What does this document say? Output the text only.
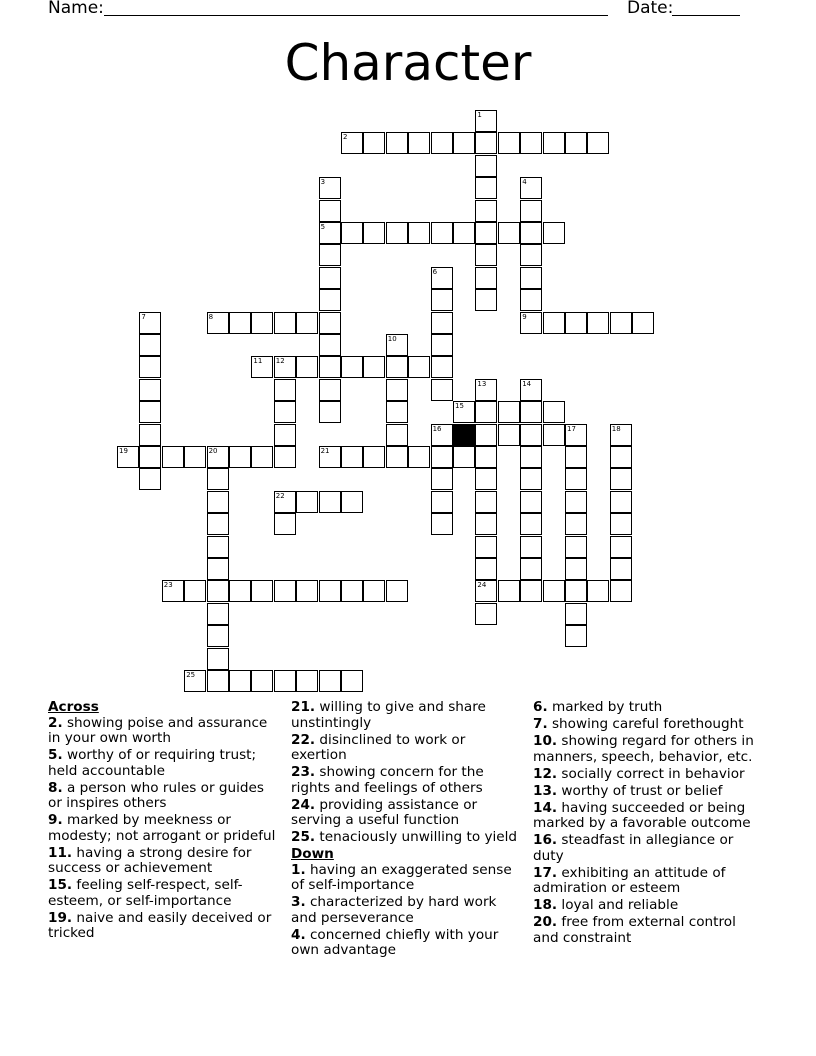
Name:	Date:
Character
1
2
3	4
5
6
7	8	9
10
11 12
13	14
15
16	17	18
19	20	21
22
23	24
25
Across
2. showing poise and assurance in your own worth
5. worthy of or requiring trust; held accountable
8. a person who rules or guides or inspires others
9. marked by meekness or modesty; not arrogant or prideful
11. having a strong desire for success or achievement
15. feeling self-respect, self-esteem, or self-importance
19. naive and easily deceived or tricked
21. willing to give and share unstintingly
22. disinclined to work or exertion
23. showing concern for the rights and feelings of others
24. providing assistance or serving a useful function
25. tenaciously unwilling to yield
Down
1. having an exaggerated sense of self-importance
3. characterized by hard work and perseverance
4. concerned chiefly with your own advantage
6. marked by truth
7. showing careful forethought
10. showing regard for others in manners, speech, behavior, etc.
12. socially correct in behavior
13. worthy of trust or belief
14. having succeeded or being marked by a favorable outcome
16. steadfast in allegiance or duty
17. exhibiting an attitude of admiration or esteem
18. loyal and reliable
20. free from external control and constraint
